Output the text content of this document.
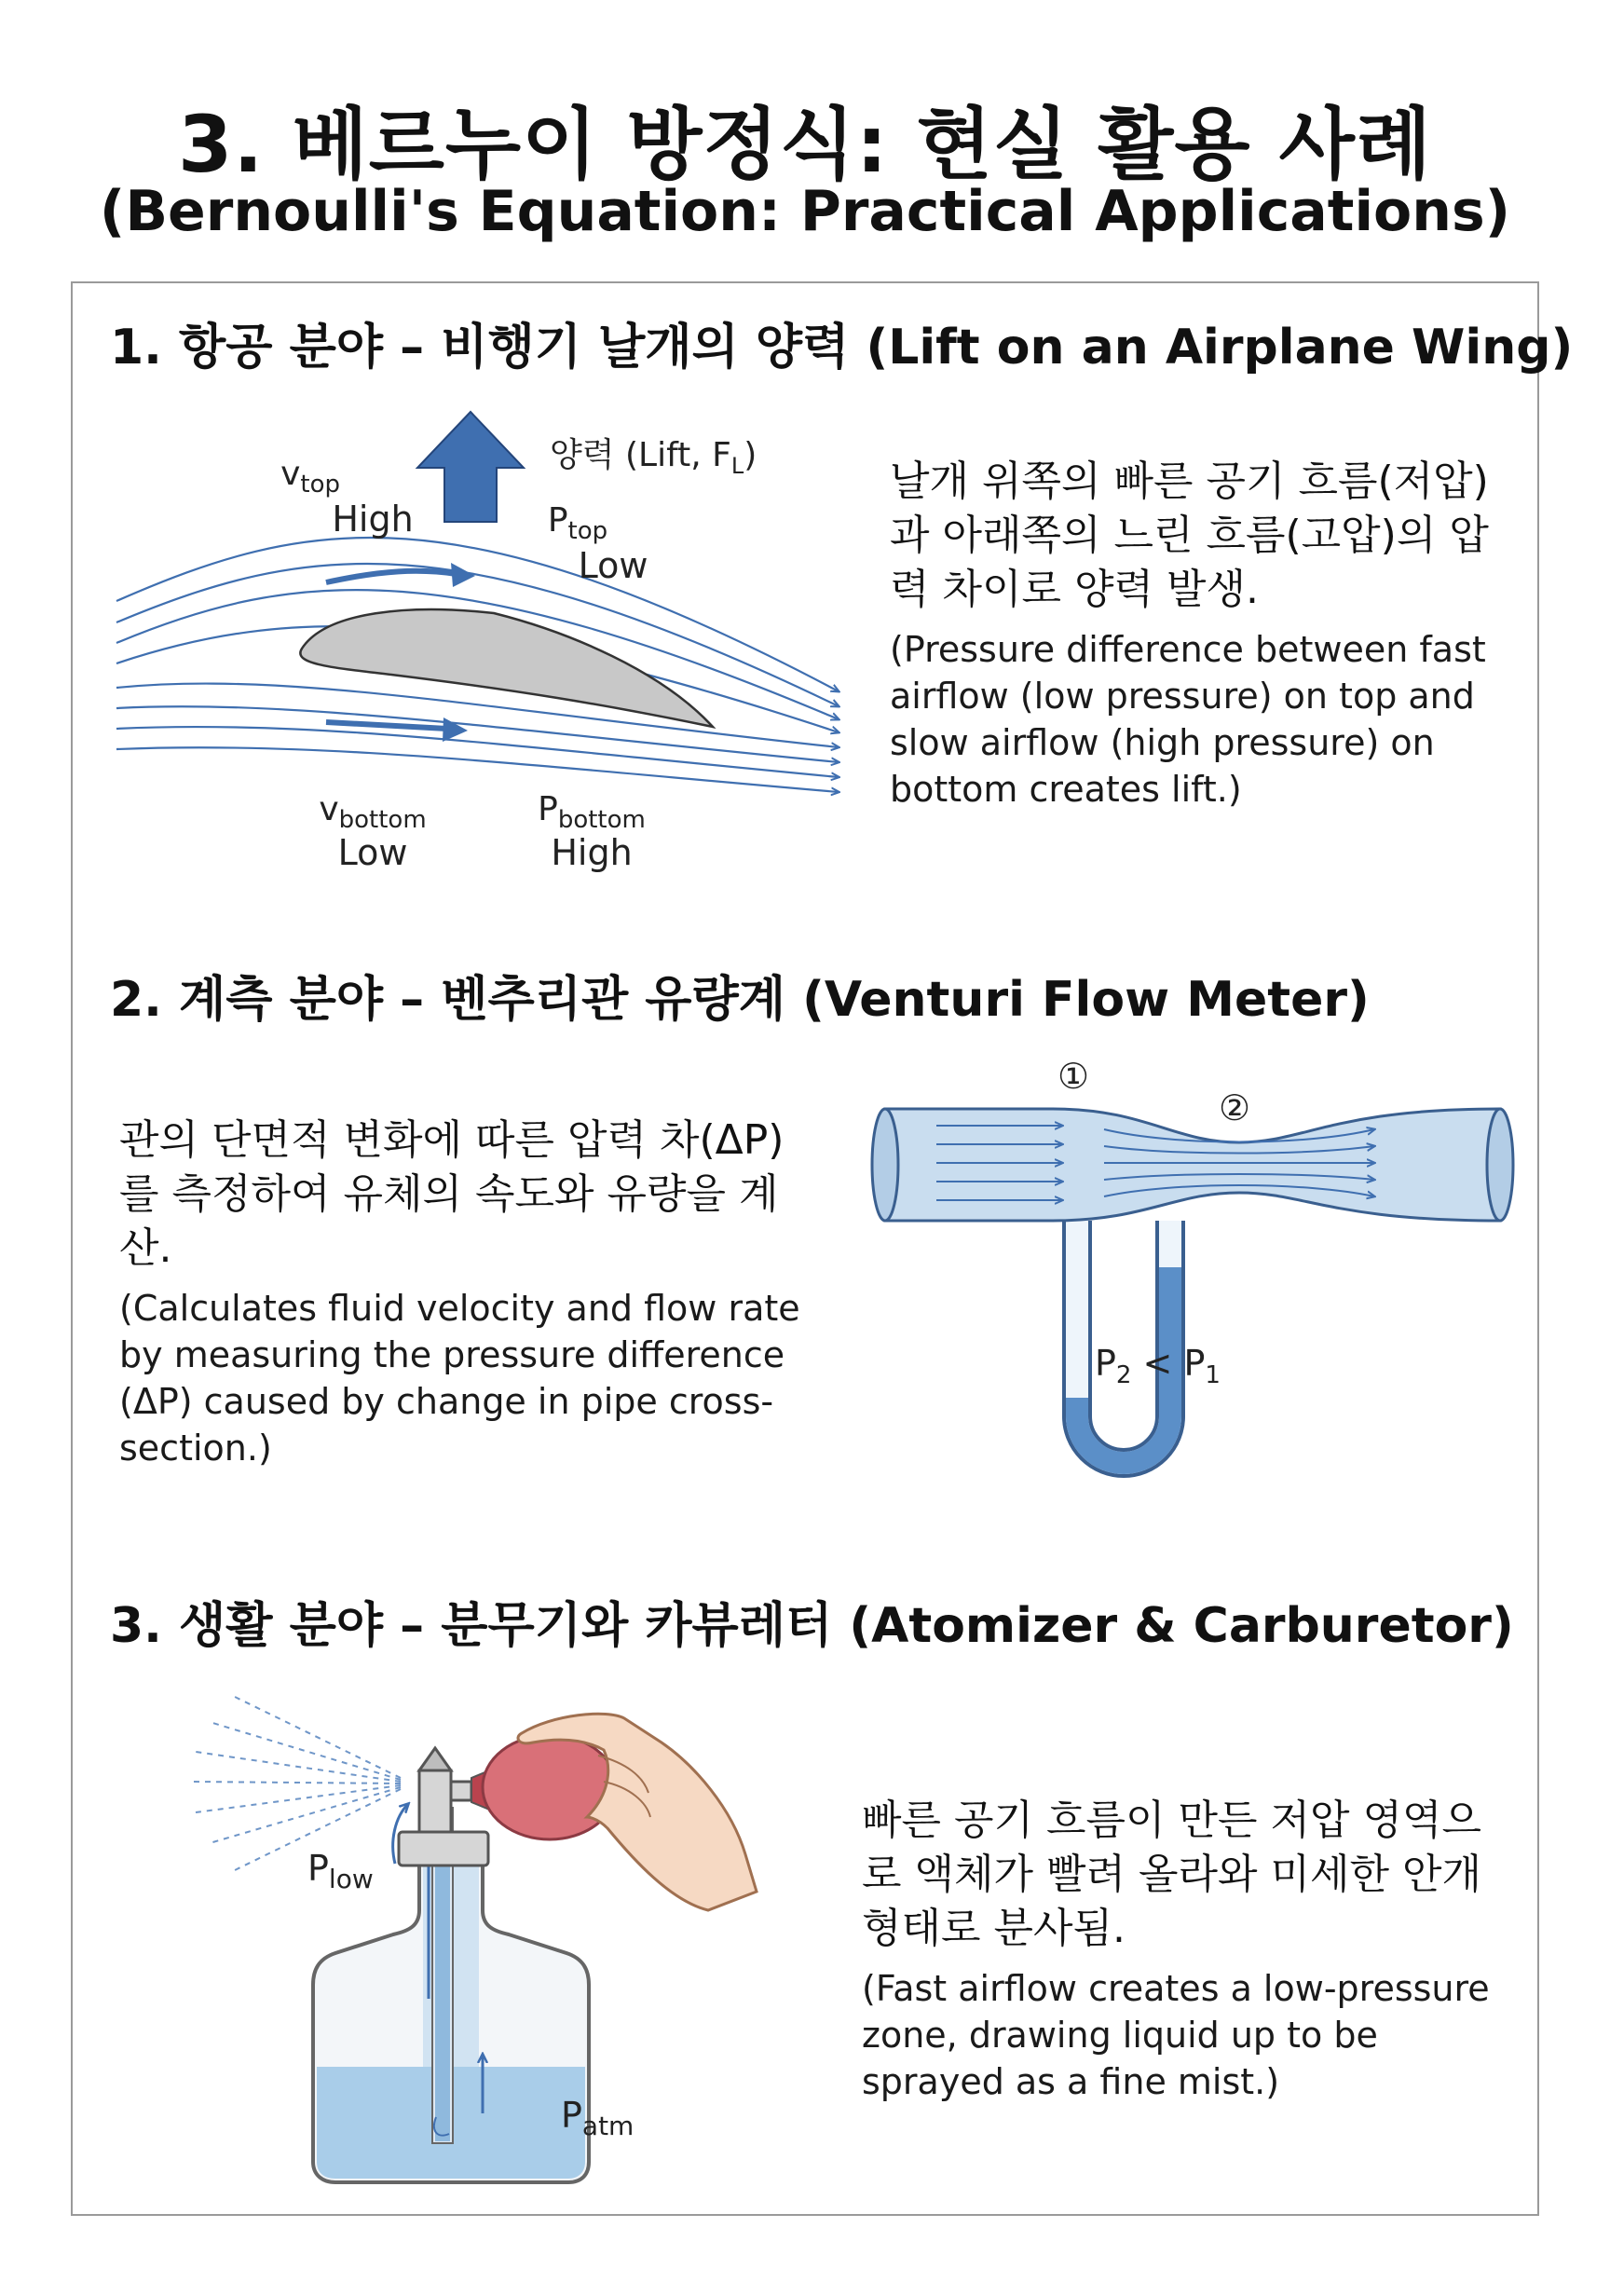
3. 베르누이 방정식: 현실 활용 사례
(Bernoulli's Equation: Practical Applications)
1. 항공 분야 – 비행기 날개의 양력 (Lift on an Airplane Wing)
양력 (Lift, $F_L$)
$v_{top}$
High	$P_{top}$
Low
$v_{bottom}$
Low
$P_{bottom}$
High
날개 위쪽의 빠른 공기 흐름(저압)과 아래쪽의 느린 흐름(고압)의 압력 차이로 양력 발생.
(Pressure difference between fast airflow (low pressure) on top and slow airflow (high pressure) on bottom creates lift.)
2. 계측 분야 – 벤추리관 유량계 (Venturi Flow Meter)
관의 단면적 변화에 따른 압력 차(ΔP)를 측정하여 유체의 속도와 유량을 계산.
(Calculates fluid velocity and flow rate by measuring the pressure difference (ΔP) caused by change in pipe cross-section.)
①
②
$P_2 < P_1$
3. 생활 분야 – 분무기와 카뷰레터 (Atomizer & Carburetor)
$P_{low}$
$P_{atm}$
빠른 공기 흐름이 만든 저압 영역으로 액체가 빨려 올라와 미세한 안개 형태로 분사됨.
(Fast airflow creates a low-pressure zone, drawing liquid up to be sprayed as a fine mist.)
